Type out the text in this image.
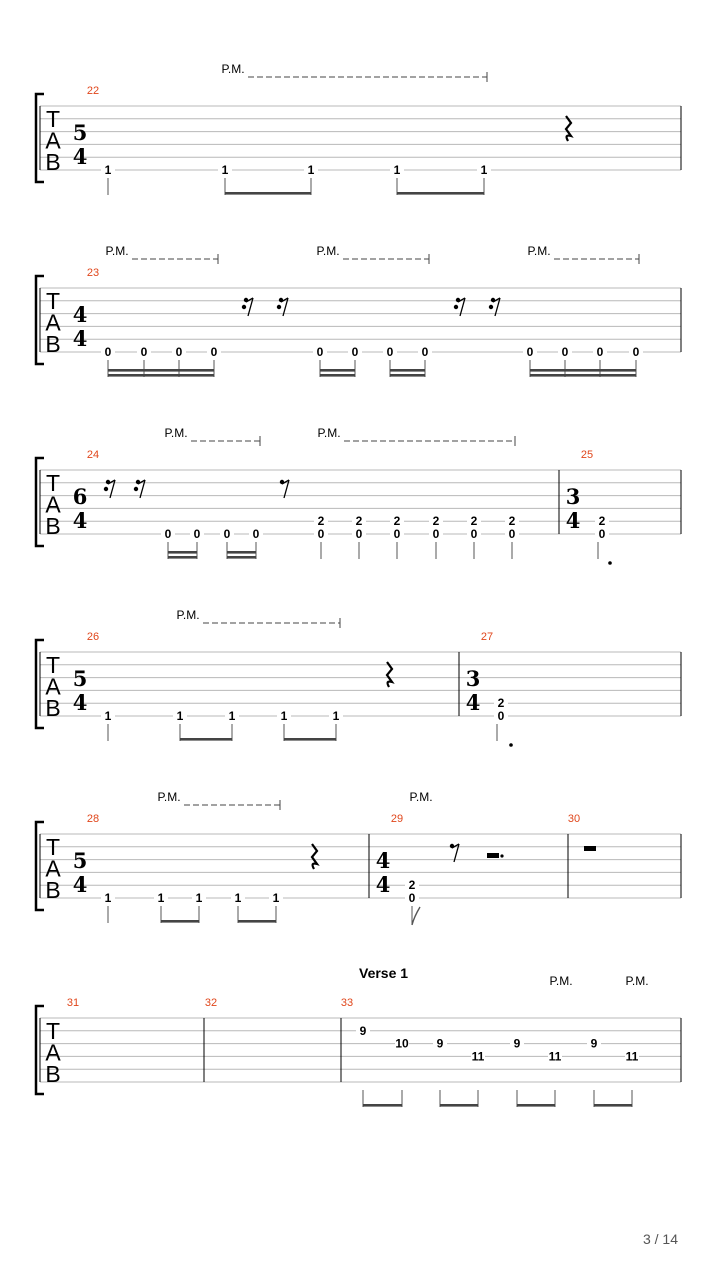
T
A
B
22
5
4
1	1	1	1	1
P.M.
T
A
B
23
4
4
0 0 0 0	0 0 0 0	0 0 0 0
P.M.	P.M.	P.M.
T
A
B
24
6
4
25
3
4
0 0 0 0
2
0
2
0
2
0
2
0
2
0
2
0
2
0
P.M.	P.M.
T
A
B
26
5
4
27
3
4
1	1	1	1	1
2
0
P.M.
T
A
B
28
5
4
29
4
4
30
1	1	1	1	1
2
0
P.M.	P.M.
T
A
B
31	32	33
9
10 9
11
9
11
9
11
P.M.	P.M.
Verse 1
3 / 14
